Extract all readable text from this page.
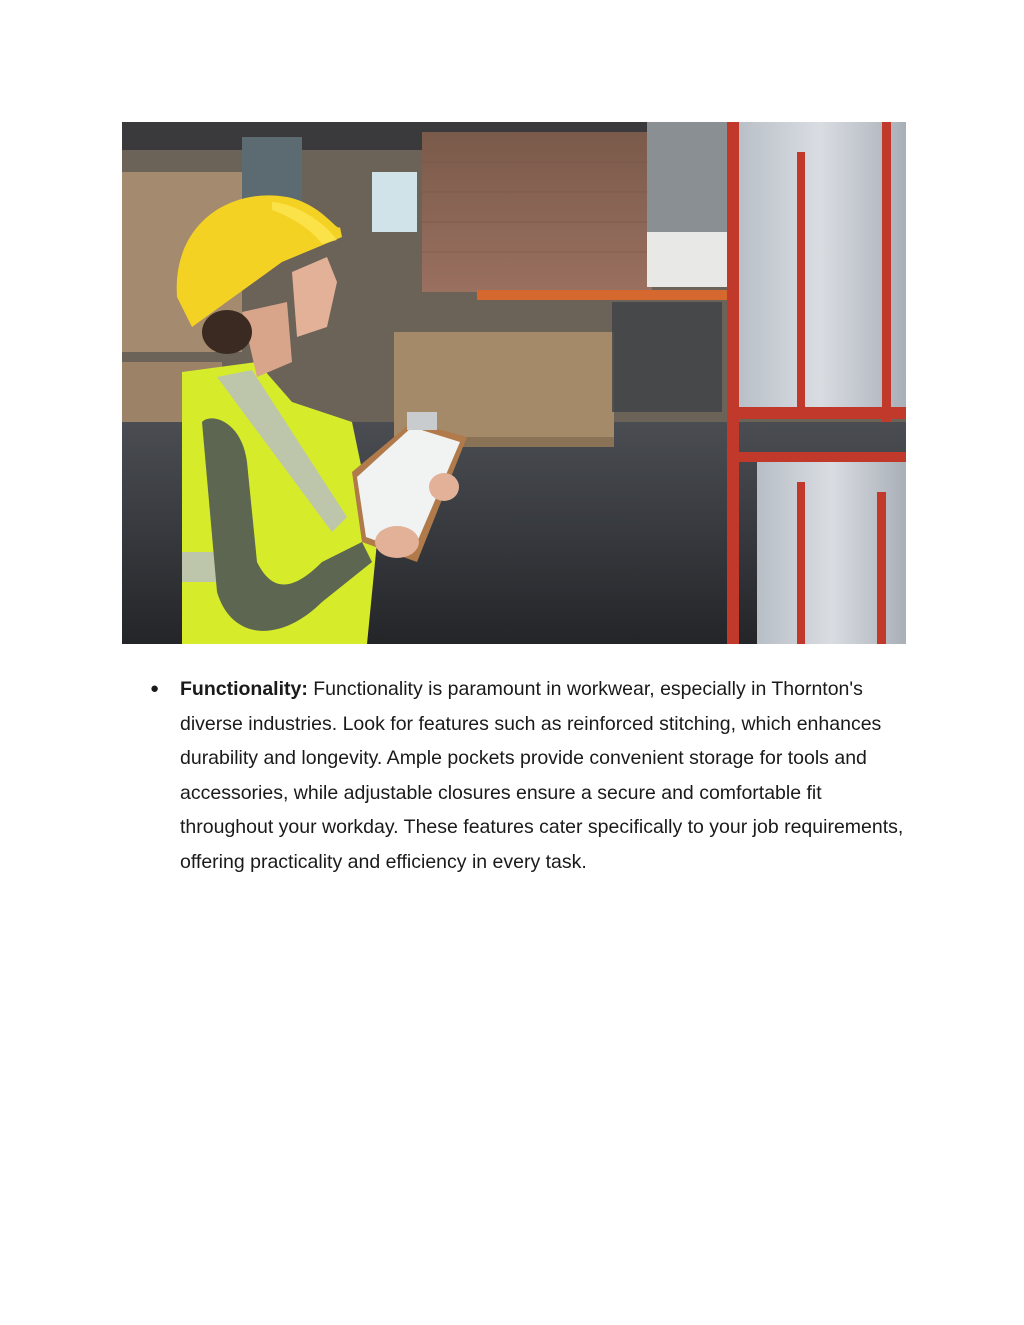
● Functionality: Functionality is paramount in workwear, especially in Thornton's diverse industries. Look for features such as reinforced stitching, which enhances durability and longevity. Ample pockets provide convenient storage for tools and accessories, while adjustable closures ensure a secure and comfortable fit throughout your workday. These features cater specifically to your job requirements, offering practicality and efficiency in every task.
